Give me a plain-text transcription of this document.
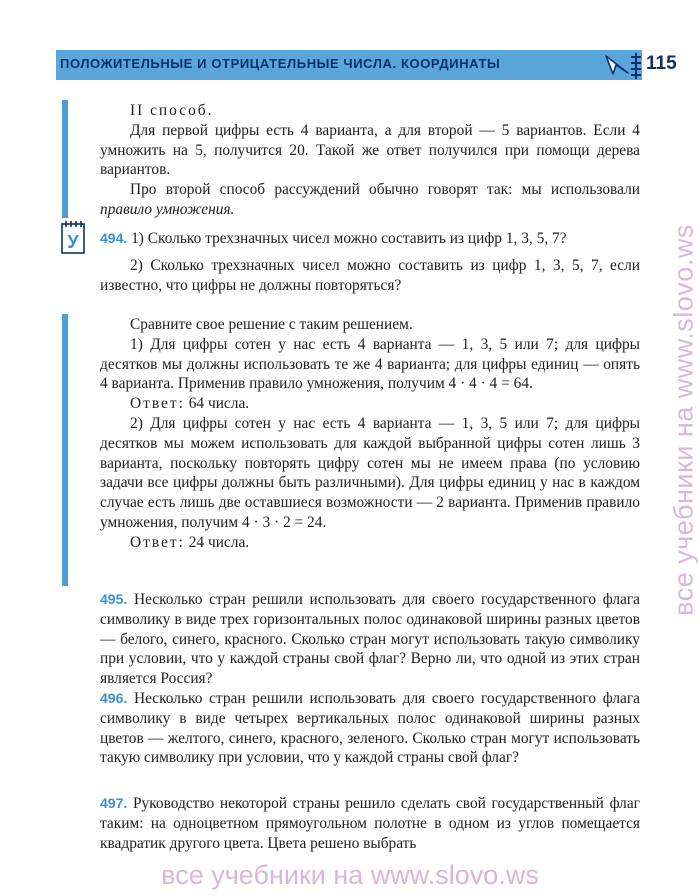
ПОЛОЖИТЕЛЬНЫЕ И ОТРИЦАТЕЛЬНЫЕ ЧИСЛА. КООРДИНАТЫ	115
У

II способ.

Для первой цифры есть 4 варианта, а для второй — 5 вариантов. Если 4 умножить на 5, получится 20. Такой же ответ получился при помощи дерева вариантов.

Про второй способ рассуждений обычно говорят так: мы использовали правило умножения.

494. 1) Сколько трехзначных чисел можно составить из цифр 1, 3, 5, 7?

2) Сколько трехзначных чисел можно составить из цифр 1, 3, 5, 7, если известно, что цифры не должны повторяться?

Сравните свое решение с таким решением.

1) Для цифры сотен у нас есть 4 варианта — 1, 3, 5 или 7; для цифры десятков мы должны использовать те же 4 варианта; для цифры единиц — опять 4 варианта. Применив правило умножения, получим 4 · 4 · 4 = 64.

Ответ: 64 числа.

2) Для цифры сотен у нас есть 4 варианта — 1, 3, 5 или 7; для цифры десятков мы можем использовать для каждой выбранной цифры сотен лишь 3 варианта, поскольку повторять цифру сотен мы не имеем права (по условию задачи все цифры должны быть различными). Для цифры единиц у нас в каждом случае есть лишь две оставшиеся возможности — 2 варианта. Применив правило умножения, получим 4 · 3 · 2 = 24.

Ответ: 24 числа.

495. Несколько стран решили использовать для своего государственного флага символику в виде трех горизонтальных полос одинаковой ширины разных цветов — белого, синего, красного. Сколько стран могут использовать такую символику при условии, что у каждой страны свой флаг? Верно ли, что одной из этих стран является Россия?

496. Несколько стран решили использовать для своего государственного флага символику в виде четырех вертикальных полос одинаковой ширины разных цветов — желтого, синего, красного, зеленого. Сколько стран могут использовать такую символику при условии, что у каждой страны свой флаг?

497. Руководство некоторой страны решило сделать свой государственный флаг таким: на одноцветном прямоугольном полотне в одном из углов помещается квадратик другого цвета. Цвета решено выбрать

все учебники на www.slovo.ws
все учебники на www.slovo.ws
